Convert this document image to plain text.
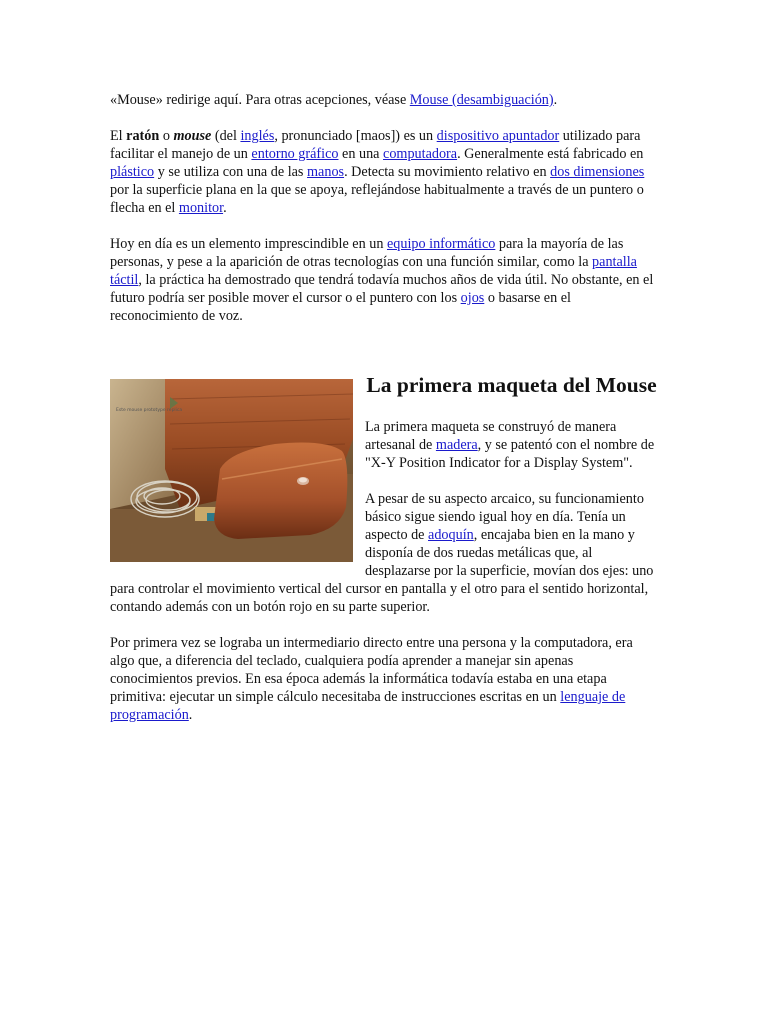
«Mouse» redirige aquí. Para otras acepciones, véase Mouse (desambiguación).

El ratón o mouse (del inglés, pronunciado [maos]) es un dispositivo apuntador utilizado para facilitar el manejo de un entorno gráfico en una computadora. Generalmente está fabricado en plástico y se utiliza con una de las manos. Detecta su movimiento relativo en dos dimensiones por la superficie plana en la que se apoya, reflejándose habitualmente a través de un puntero o flecha en el monitor.

Hoy en día es un elemento imprescindible en un equipo informático para la mayoría de las personas, y pese a la aparición de otras tecnologías con una función similar, como la pantalla táctil, la práctica ha demostrado que tendrá todavía muchos años de vida útil. No obstante, en el futuro podría ser posible mover el cursor o el puntero con los ojos o basarse en el reconocimiento de voz.

Este mouse prototype replica
La primera maqueta del Mouse

La primera maqueta se construyó de manera artesanal de madera, y se patentó con el nombre de "X-Y Position Indicator for a Display System".

A pesar de su aspecto arcaico, su funcionamiento básico sigue siendo igual hoy en día. Tenía un aspecto de adoquín, encajaba bien en la mano y disponía de dos ruedas metálicas que, al desplazarse por la superficie, movían dos ejes: uno para controlar el movimiento vertical del cursor en pantalla y el otro para el sentido horizontal, contando además con un botón rojo en su parte superior.

Por primera vez se lograba un intermediario directo entre una persona y la computadora, era algo que, a diferencia del teclado, cualquiera podía aprender a manejar sin apenas conocimientos previos. En esa época además la informática todavía estaba en una etapa primitiva: ejecutar un simple cálculo necesitaba de instrucciones escritas en un lenguaje de programación.
